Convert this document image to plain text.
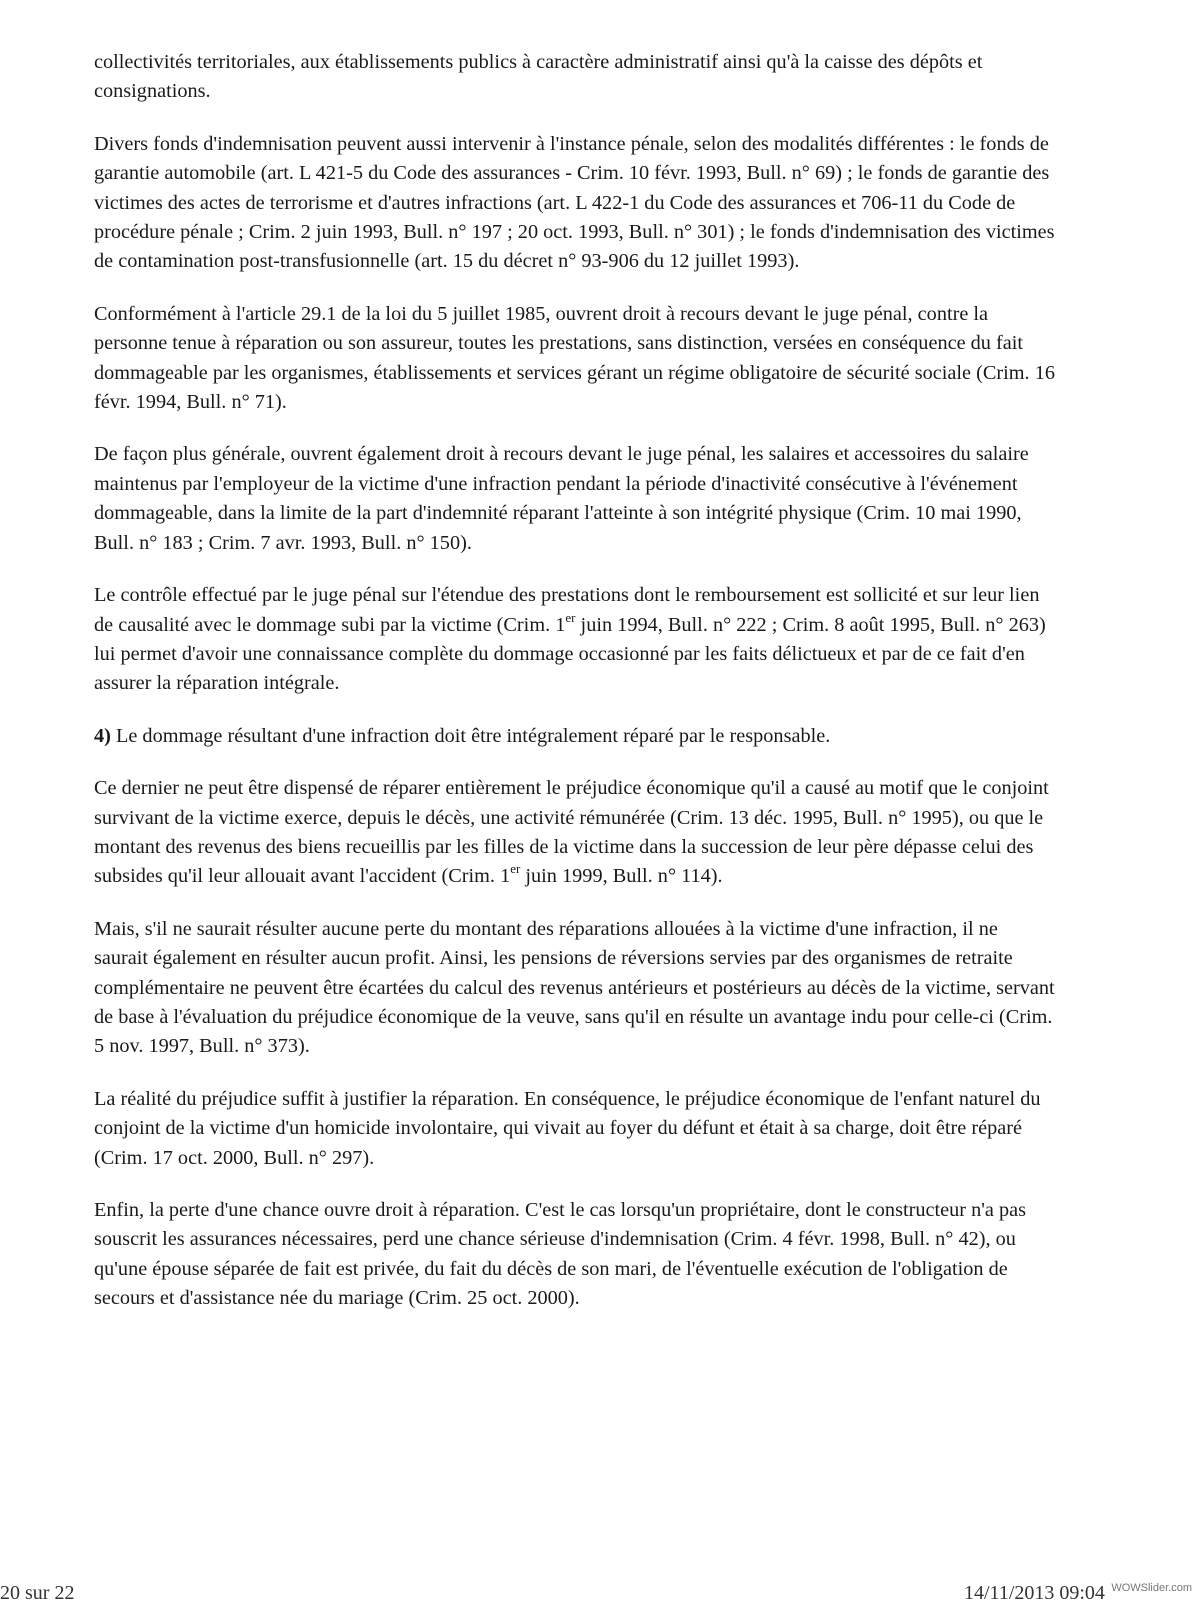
collectivités territoriales, aux établissements publics à caractère administratif ainsi qu'à la caisse des dépôts et consignations.

Divers fonds d'indemnisation peuvent aussi intervenir à l'instance pénale, selon des modalités différentes : le fonds de garantie automobile (art. L 421-5 du Code des assurances - Crim. 10 févr. 1993, Bull. n° 69) ; le fonds de garantie des victimes des actes de terrorisme et d'autres infractions (art. L 422-1 du Code des assurances et 706-11 du Code de procédure pénale ; Crim. 2 juin 1993, Bull. n° 197 ; 20 oct. 1993, Bull. n° 301) ; le fonds d'indemnisation des victimes de contamination post-transfusionnelle (art. 15 du décret n° 93-906 du 12 juillet 1993).

Conformément à l'article 29.1 de la loi du 5 juillet 1985, ouvrent droit à recours devant le juge pénal, contre la personne tenue à réparation ou son assureur, toutes les prestations, sans distinction, versées en conséquence du fait dommageable par les organismes, établissements et services gérant un régime obligatoire de sécurité sociale (Crim. 16 févr. 1994, Bull. n° 71).

De façon plus générale, ouvrent également droit à recours devant le juge pénal, les salaires et accessoires du salaire maintenus par l'employeur de la victime d'une infraction pendant la période d'inactivité consécutive à l'événement dommageable, dans la limite de la part d'indemnité réparant l'atteinte à son intégrité physique (Crim. 10 mai 1990, Bull. n° 183 ; Crim. 7 avr. 1993, Bull. n° 150).

Le contrôle effectué par le juge pénal sur l'étendue des prestations dont le remboursement est sollicité et sur leur lien de causalité avec le dommage subi par la victime (Crim. 1er juin 1994, Bull. n° 222 ; Crim. 8 août 1995, Bull. n° 263) lui permet d'avoir une connaissance complète du dommage occasionné par les faits délictueux et par de ce fait d'en assurer la réparation intégrale.

4) Le dommage résultant d'une infraction doit être intégralement réparé par le responsable.

Ce dernier ne peut être dispensé de réparer entièrement le préjudice économique qu'il a causé au motif que le conjoint survivant de la victime exerce, depuis le décès, une activité rémunérée (Crim. 13 déc. 1995, Bull. n° 1995), ou que le montant des revenus des biens recueillis par les filles de la victime dans la succession de leur père dépasse celui des subsides qu'il leur allouait avant l'accident (Crim. 1er juin 1999, Bull. n° 114).

Mais, s'il ne saurait résulter aucune perte du montant des réparations allouées à la victime d'une infraction, il ne saurait également en résulter aucun profit. Ainsi, les pensions de réversions servies par des organismes de retraite complémentaire ne peuvent être écartées du calcul des revenus antérieurs et postérieurs au décès de la victime, servant de base à l'évaluation du préjudice économique de la veuve, sans qu'il en résulte un avantage indu pour celle-ci (Crim. 5 nov. 1997, Bull. n° 373).

La réalité du préjudice suffit à justifier la réparation. En conséquence, le préjudice économique de l'enfant naturel du conjoint de la victime d'un homicide involontaire, qui vivait au foyer du défunt et était à sa charge, doit être réparé (Crim. 17 oct. 2000, Bull. n° 297).

Enfin, la perte d'une chance ouvre droit à réparation. C'est le cas lorsqu'un propriétaire, dont le constructeur n'a pas souscrit les assurances nécessaires, perd une chance sérieuse d'indemnisation (Crim. 4 févr. 1998, Bull. n° 42), ou qu'une épouse séparée de fait est privée, du fait du décès de son mari, de l'éventuelle exécution de l'obligation de secours et d'assistance née du mariage (Crim. 25 oct. 2000).

20 sur 22	14/11/2013 09:04 WOWSlider.com
